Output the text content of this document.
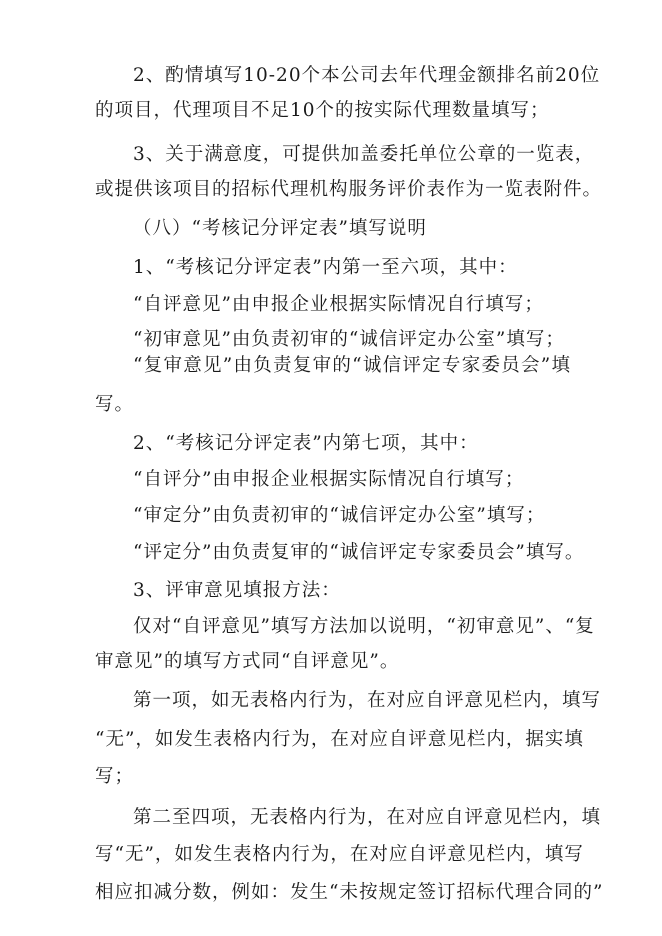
2、酌情填写10-20个本公司去年代理金额排名前20位
的项目，代理项目不足10个的按实际代理数量填写；
3、关于满意度，可提供加盖委托单位公章的一览表，
或提供该项目的招标代理机构服务评价表作为一览表附件。
（八）“考核记分评定表”填写说明
1、“考核记分评定表”内第一至六项，其中：
“自评意见”由申报企业根据实际情况自行填写；
“初审意见”由负责初审的“诚信评定办公室”填写；
“复审意见”由负责复审的“诚信评定专家委员会”填
写。
2、“考核记分评定表”内第七项，其中：
“自评分”由申报企业根据实际情况自行填写；
“审定分”由负责初审的“诚信评定办公室”填写；
“评定分”由负责复审的“诚信评定专家委员会”填写。
3、评审意见填报方法：
仅对“自评意见”填写方法加以说明，“初审意见”、“复
审意见”的填写方式同“自评意见”。
第一项，如无表格内行为，在对应自评意见栏内，填写
“无”，如发生表格内行为，在对应自评意见栏内，据实填
写；
第二至四项，无表格内行为，在对应自评意见栏内，填
写“无”，如发生表格内行为，在对应自评意见栏内，填写
相应扣减分数，例如：发生“未按规定签订招标代理合同的”
